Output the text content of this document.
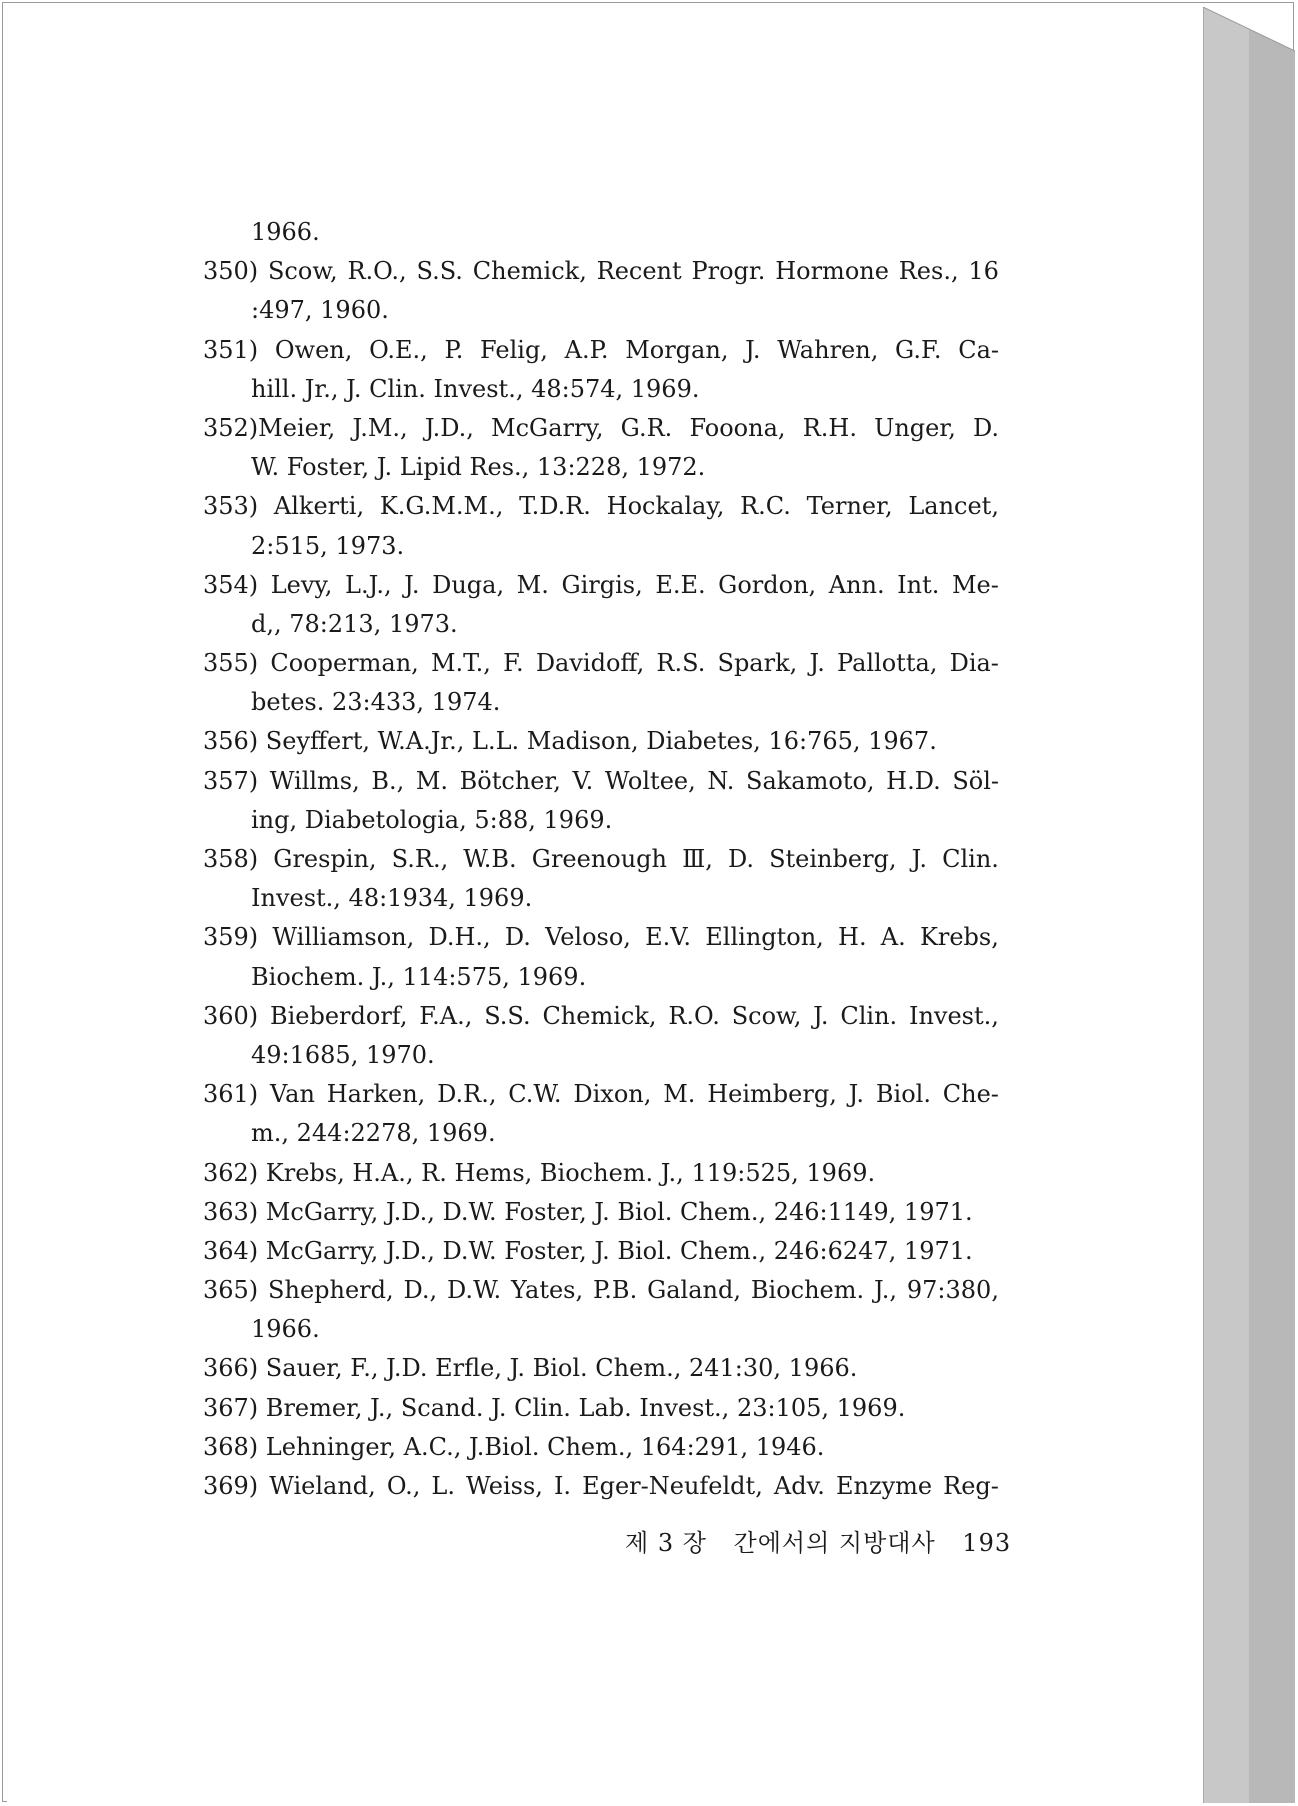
1966.
350) Scow, R.O., S.S. Chemick, Recent Progr. Hormone Res., 16
:497, 1960.
351) Owen, O.E., P. Felig, A.P. Morgan, J. Wahren, G.F. Ca-
hill. Jr., J. Clin. Invest., 48:574, 1969.
352)Meier, J.M., J.D., McGarry, G.R. Foοona, R.H. Unger, D.
W. Foster, J. Lipid Res., 13:228, 1972.
353) Alkerti, K.G.M.M., T.D.R. Hockalay, R.C. Terner, Lancet,
2:515, 1973.
354) Levy, L.J., J. Duga, M. Girgis, E.E. Gordon, Ann. Int. Me-
d,, 78:213, 1973.
355) Cooperman, M.T., F. Davidoff, R.S. Spark, J. Pallotta, Dia-
betes. 23:433, 1974.
356) Seyffert, W.A.Jr., L.L. Madison, Diabetes, 16:765, 1967.
357) Willms, B., M. Bötcher, V. Woltee, N. Sakamoto, H.D. Söl-
ing, Diabetologia, 5:88, 1969.
358) Grespin, S.R., W.B. Greenough Ⅲ, D. Steinberg, J. Clin.
Invest., 48:1934, 1969.
359) Williamson, D.H., D. Veloso, E.V. Ellington, H. A. Krebs,
Biochem. J., 114:575, 1969.
360) Bieberdorf, F.A., S.S. Chemick, R.O. Scow, J. Clin. Invest.,
49:1685, 1970.
361) Van Harken, D.R., C.W. Dixon, M. Heimberg, J. Biol. Che-
m., 244:2278, 1969.
362) Krebs, H.A., R. Hems, Biochem. J., 119:525, 1969.
363) McGarry, J.D., D.W. Foster, J. Biol. Chem., 246:1149, 1971.
364) McGarry, J.D., D.W. Foster, J. Biol. Chem., 246:6247, 1971.
365) Shepherd, D., D.W. Yates, P.B. Galand, Biochem. J., 97:380,
1966.
366) Sauer, F., J.D. Erfle, J. Biol. Chem., 241:30, 1966.
367) Bremer, J., Scand. J. Clin. Lab. Invest., 23:105, 1969.
368) Lehninger, A.C., J.Biol. Chem., 164:291, 1946.
369) Wieland, O., L. Weiss, I. Eger-Neufeldt, Adv. Enzyme Reg-
제 3 장 간에서의 지방대사 193
